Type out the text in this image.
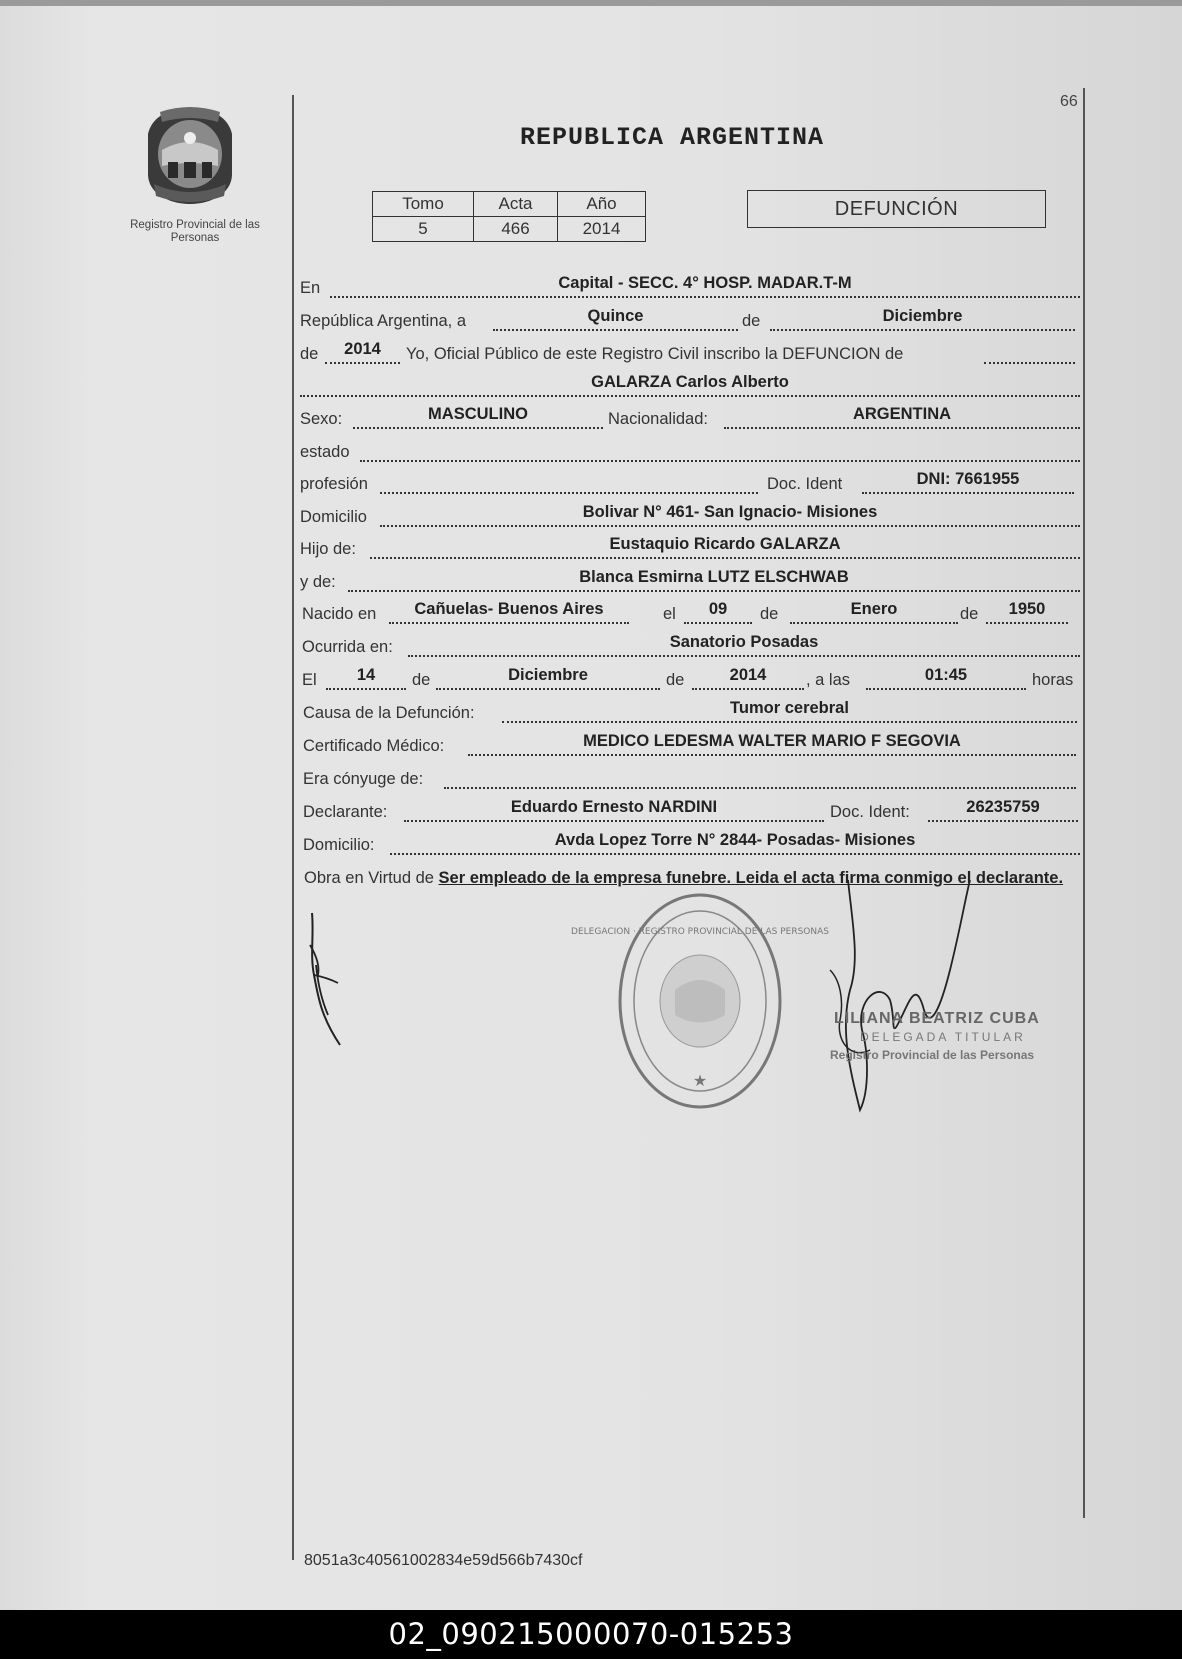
66
Registro Provincial de las Personas
REPUBLICA ARGENTINA
Tomo	Acta	Año
5	466	2014
DEFUNCIÓN
En	Capital - SECC. 4° HOSP. MADAR.T-M
República Argentina, a	Quince	de	Diciembre
de	2014	Yo, Oficial Público de este Registro Civil inscribo la DEFUNCION de
GALARZA Carlos Alberto
Sexo:	MASCULINO	Nacionalidad:	ARGENTINA
estado
profesión	Doc. Ident	DNI: 7661955
Domicilio	Bolivar N° 461- San Ignacio- Misiones
Hijo de:	Eustaquio Ricardo GALARZA
y de:	Blanca Esmirna LUTZ ELSCHWAB
Nacido en	Cañuelas- Buenos Aires	el	09	de	Enero	de	1950
Ocurrida en:	Sanatorio Posadas
El	14	de	Diciembre	de	2014	, a las	01:45	horas
Causa de la Defunción:	Tumor cerebral
Certificado Médico:	MEDICO LEDESMA WALTER MARIO F SEGOVIA
Era cónyuge de:
Declarante:	Eduardo Ernesto NARDINI	Doc. Ident:	26235759
Domicilio:	Avda Lopez Torre N° 2844- Posadas- Misiones
Obra en Virtud de Ser empleado de la empresa funebre. Leida el acta firma conmigo el declarante.
★
DELEGACION · REGISTRO PROVINCIAL DE LAS PERSONAS
LILIANA BEATRIZ CUBA
DELEGADA TITULAR
Registro Provincial de las Personas
8051a3c40561002834e59d566b7430cf
02_090215000070-015253
